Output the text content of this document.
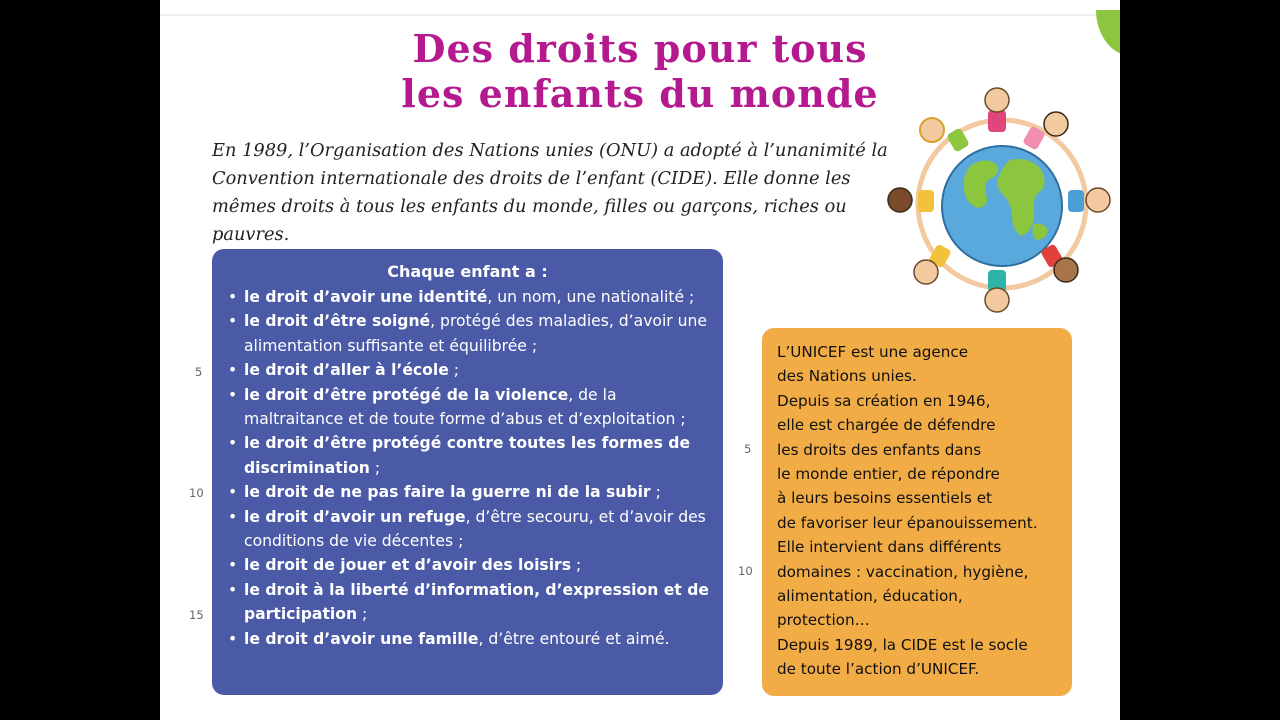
Des droits pour tous
les enfants du monde

En 1989, l’Organisation des Nations unies (ONU) a adopté à l’unanimité la Convention internationale des droits de l’enfant (CIDE). Elle donne les mêmes droits à tous les enfants du monde, filles ou garçons, riches ou pauvres.

5
10
15
Chaque enfant a :
• le droit d’avoir une identité, un nom, une nationalité ;
• le droit d’être soigné, protégé des maladies, d’avoir une alimentation suffisante et équilibrée ;
• le droit d’aller à l’école ;
• le droit d’être protégé de la violence, de la maltraitance et de toute forme d’abus et d’exploitation ;
• le droit d’être protégé contre toutes les formes de discrimination ;
• le droit de ne pas faire la guerre ni de la subir ;
• le droit d’avoir un refuge, d’être secouru, et d’avoir des conditions de vie décentes ;
• le droit de jouer et d’avoir des loisirs ;
• le droit à la liberté d’information, d’expression et de participation ;
• le droit d’avoir une famille, d’être entouré et aimé.
5
10

L’UNICEF est une agence
des Nations unies.
Depuis sa création en 1946,
elle est chargée de défendre
les droits des enfants dans
le monde entier, de répondre
à leurs besoins essentiels et
de favoriser leur épanouissement.
Elle intervient dans différents
domaines : vaccination, hygiène,
alimentation, éducation,
protection…
Depuis 1989, la CIDE est le socle
de toute l’action d’UNICEF.
